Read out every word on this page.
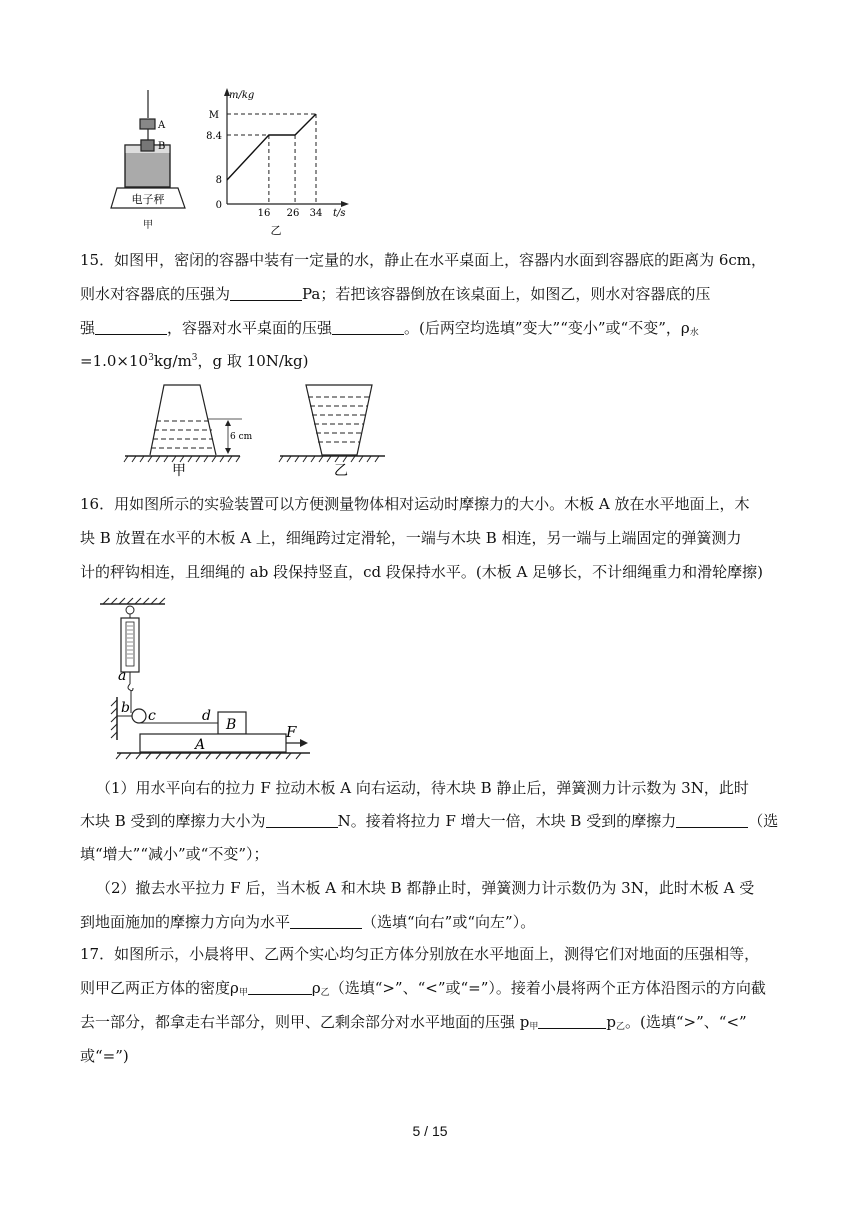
A
B
电子秤
甲
m/kg
t/s
M
8.4
8
0
16 26 34
乙
15．如图甲，密闭的容器中装有一定量的水，静止在水平桌面上，容器内水面到容器底的距离为 6cm，
则水对容器底的压强为	Pa；若把该容器倒放在该桌面上，如图乙，则水对容器底的压
强	，容器对水平桌面的压强	。(后两空均选填”变大”“变小”或“不变”，$\rho_水$
$=1.0\times 10^3kg/m^3$，g 取 10N/kg)
6 cm
甲	乙
16．用如图所示的实验装置可以方便测量物体相对运动时摩擦力的大小。木板 A 放在水平地面上，木
块 B 放置在水平的木板 A 上，细绳跨过定滑轮，一端与木块 B 相连，另一端与上端固定的弹簧测力
计的秤钩相连，且细绳的 ab 段保持竖直，cd 段保持水平。(木板 A 足够长，不计细绳重力和滑轮摩擦)
a
b c	d
B
A
F
（1）用水平向右的拉力 F 拉动木板 A 向右运动，待木块 B 静止后，弹簧测力计示数为 3N，此时
木块 B 受到的摩擦力大小为	N。接着将拉力 F 增大一倍，木块 B 受到的摩擦力	（选
填“增大”“减小”或“不变”）；
（2）撤去水平拉力 F 后，当木板 A 和木块 B 都静止时，弹簧测力计示数仍为 3N，此时木板 A 受
到地面施加的摩擦力方向为水平	（选填“向右”或“向左”）。
17．如图所示，小晨将甲、乙两个实心均匀正方体分别放在水平地面上，测得它们对地面的压强相等，
则甲乙两正方体的密度$\rho_甲$	$\rho_乙$（选填“>”、“<”或“=”）。接着小晨将两个正方体沿图示的方向截
去一部分，都拿走右半部分，则甲、乙剩余部分对水平地面的压强 $p_甲$	$p_乙$。(选填“>”、“<”
或“=”)
5 / 15
